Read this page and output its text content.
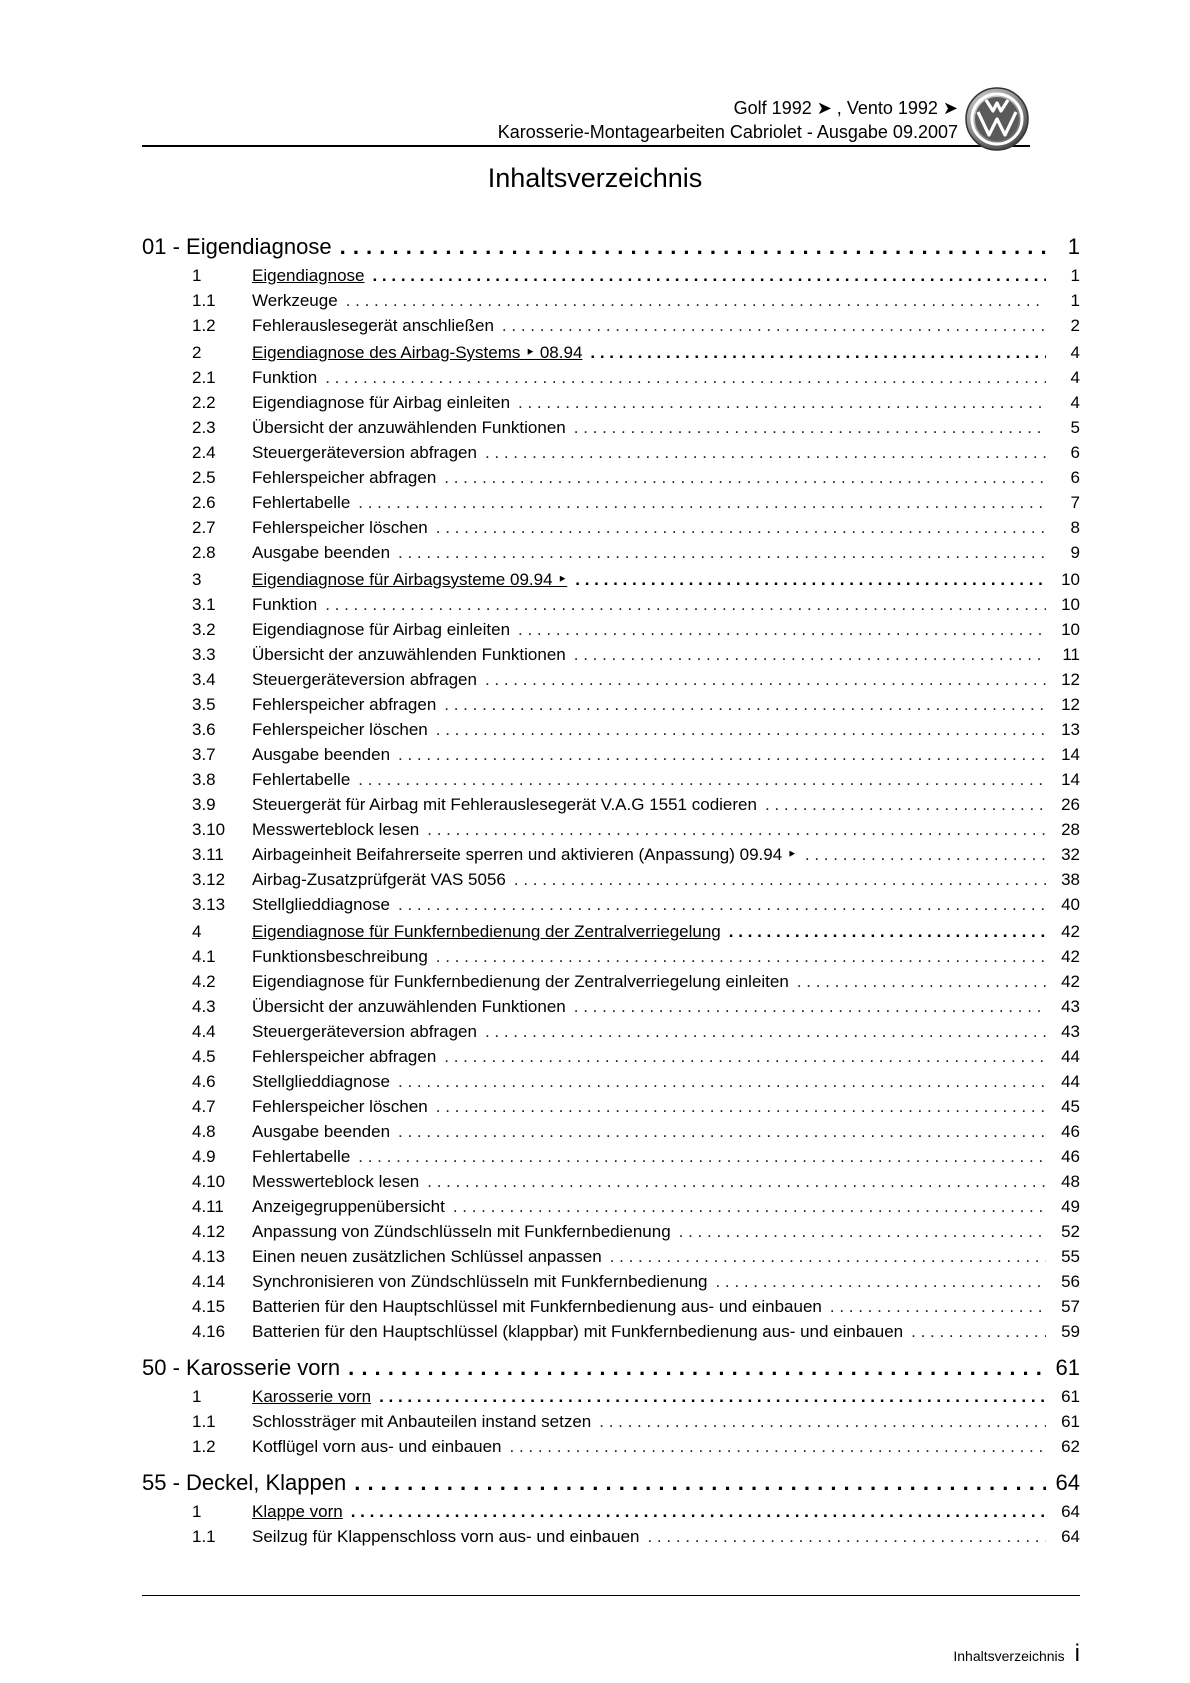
Golf 1992 ➤ , Vento 1992 ➤
Karosserie-Montagearbeiten Cabriolet - Ausgabe 09.2007
Inhaltsverzeichnis
01 - Eigendiagnose . . .	1
1	Eigendiagnose . . .	1
1.1	Werkzeuge . . .	1
1.2	Fehlerauslesegerät anschließen . . .	2
2	Eigendiagnose des Airbag-Systems ‣ 08.94 . . .	4
2.1	Funktion . . .	4
2.2	Eigendiagnose für Airbag einleiten . . .	4
2.3	Übersicht der anzuwählenden Funktionen . . .	5
2.4	Steuergeräteversion abfragen . . .	6
2.5	Fehlerspeicher abfragen . . .	6
2.6	Fehlertabelle . . .	7
2.7	Fehlerspeicher löschen . . .	8
2.8	Ausgabe beenden . . .	9
3	Eigendiagnose für Airbagsysteme 09.94 ‣ . . .	10
3.1	Funktion . . .	10
3.2	Eigendiagnose für Airbag einleiten . . .	10
3.3	Übersicht der anzuwählenden Funktionen . . .	11
3.4	Steuergeräteversion abfragen . . .	12
3.5	Fehlerspeicher abfragen . . .	12
3.6	Fehlerspeicher löschen . . .	13
3.7	Ausgabe beenden . . .	14
3.8	Fehlertabelle . . .	14
3.9	Steuergerät für Airbag mit Fehlerauslesegerät V.A.G 1551 codieren . . .	26
3.10	Messwerteblock lesen . . .	28
3.11	Airbageinheit Beifahrerseite sperren und aktivieren (Anpassung) 09.94 ‣ . . .	32
3.12	Airbag-Zusatzprüfgerät VAS 5056 . . .	38
3.13	Stellglieddiagnose . . .	40
4	Eigendiagnose für Funkfernbedienung der Zentralverriegelung . . .	42
4.1	Funktionsbeschreibung . . .	42
4.2	Eigendiagnose für Funkfernbedienung der Zentralverriegelung einleiten . . .	42
4.3	Übersicht der anzuwählenden Funktionen . . .	43
4.4	Steuergeräteversion abfragen . . .	43
4.5	Fehlerspeicher abfragen . . .	44
4.6	Stellglieddiagnose . . .	44
4.7	Fehlerspeicher löschen . . .	45
4.8	Ausgabe beenden . . .	46
4.9	Fehlertabelle . . .	46
4.10	Messwerteblock lesen . . .	48
4.11	Anzeigegruppenübersicht . . .	49
4.12	Anpassung von Zündschlüsseln mit Funkfernbedienung . . .	52
4.13	Einen neuen zusätzlichen Schlüssel anpassen . . .	55
4.14	Synchronisieren von Zündschlüsseln mit Funkfernbedienung . . .	56
4.15	Batterien für den Hauptschlüssel mit Funkfernbedienung aus- und einbauen . . .	57
4.16	Batterien für den Hauptschlüssel (klappbar) mit Funkfernbedienung aus- und einbauen . . .	59
50 - Karosserie vorn . . .	61
1	Karosserie vorn . . .	61
1.1	Schlossträger mit Anbauteilen instand setzen . . .	61
1.2	Kotflügel vorn aus- und einbauen . . .	62
55 - Deckel, Klappen . . .	64
1	Klappe vorn . . .	64
1.1	Seilzug für Klappenschloss vorn aus- und einbauen . . .	64
Inhaltsverzeichnis i
